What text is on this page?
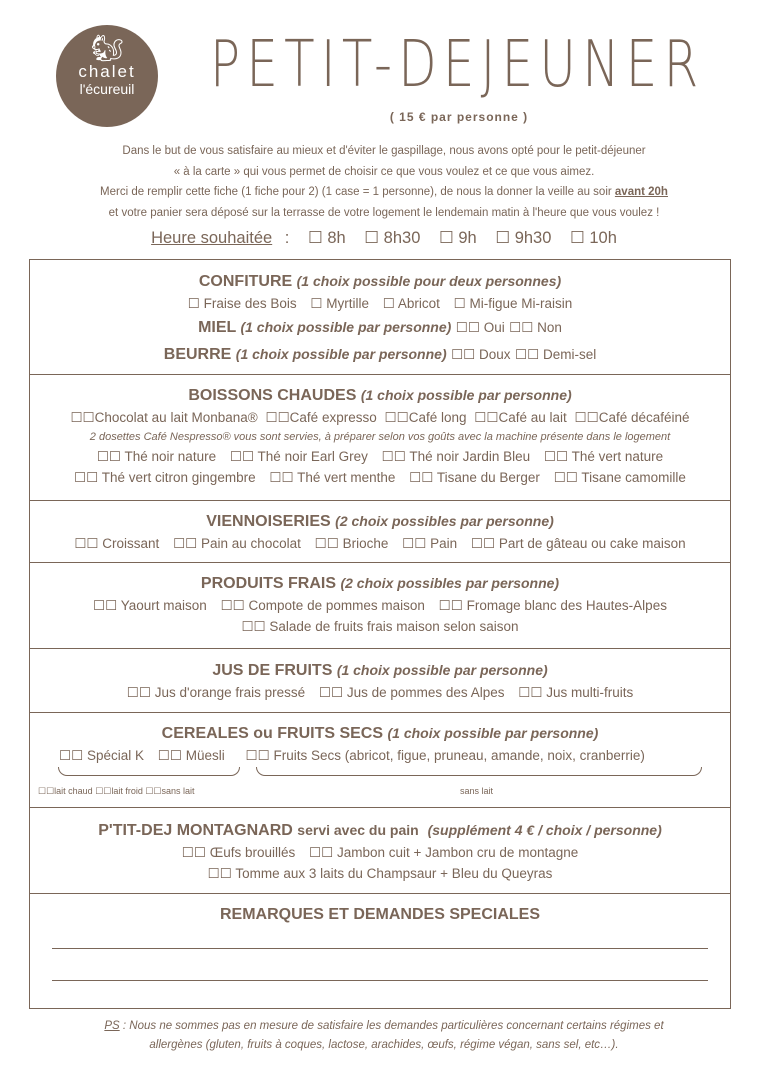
🐿
chalet
l'écureuil	PETIT-DEJEUNER
( 15 € par personne )
Dans le but de vous satisfaire au mieux et d'éviter le gaspillage, nous avons opté pour le petit-déjeuner
« à la carte » qui vous permet de choisir ce que vous voulez et ce que vous aimez.
Merci de remplir cette fiche (1 fiche pour 2) (1 case = 1 personne), de nous la donner la veille au soir avant 20h
et votre panier sera déposé sur la terrasse de votre logement le lendemain matin à l'heure que vous voulez !
Heure souhaitée : ☐ 8h ☐ 8h30 ☐ 9h ☐ 9h30 ☐ 10h
CONFITURE (1 choix possible pour deux personnes)
☐ Fraise des Bois ☐ Myrtille ☐ Abricot ☐ Mi-figue Mi-raisin
MIEL (1 choix possible par personne) ☐☐ Oui ☐☐ Non
BEURRE (1 choix possible par personne) ☐☐ Doux ☐☐ Demi-sel
BOISSONS CHAUDES (1 choix possible par personne)
☐☐Chocolat au lait Monbana® ☐☐Café expresso ☐☐Café long ☐☐Café au lait ☐☐Café décaféiné
2 dosettes Café Nespresso® vous sont servies, à préparer selon vos goûts avec la machine présente dans le logement
☐☐ Thé noir nature ☐☐ Thé noir Earl Grey ☐☐ Thé noir Jardin Bleu ☐☐ Thé vert nature
☐☐ Thé vert citron gingembre ☐☐ Thé vert menthe ☐☐ Tisane du Berger ☐☐ Tisane camomille
VIENNOISERIES (2 choix possibles par personne)
☐☐ Croissant ☐☐ Pain au chocolat ☐☐ Brioche ☐☐ Pain ☐☐ Part de gâteau ou cake maison
PRODUITS FRAIS (2 choix possibles par personne)
☐☐ Yaourt maison ☐☐ Compote de pommes maison ☐☐ Fromage blanc des Hautes-Alpes
☐☐ Salade de fruits frais maison selon saison
JUS DE FRUITS (1 choix possible par personne)
☐☐ Jus d'orange frais pressé ☐☐ Jus de pommes des Alpes ☐☐ Jus multi-fruits
CEREALES ou FRUITS SECS (1 choix possible par personne)
☐☐ Spécial K ☐☐ Müesli ☐☐ Fruits Secs (abricot, figue, pruneau, amande, noix, cranberrie)
☐☐lait chaud ☐☐lait froid ☐☐sans lait	sans lait
P'TIT-DEJ MONTAGNARD servi avec du pain (supplément 4 € / choix / personne)
☐☐ Œufs brouillés ☐☐ Jambon cuit + Jambon cru de montagne
☐☐ Tomme aux 3 laits du Champsaur + Bleu du Queyras
REMARQUES ET DEMANDES SPECIALES
PS : Nous ne sommes pas en mesure de satisfaire les demandes particulières concernant certains régimes et
allergènes (gluten, fruits à coques, lactose, arachides, œufs, régime végan, sans sel, etc…).
